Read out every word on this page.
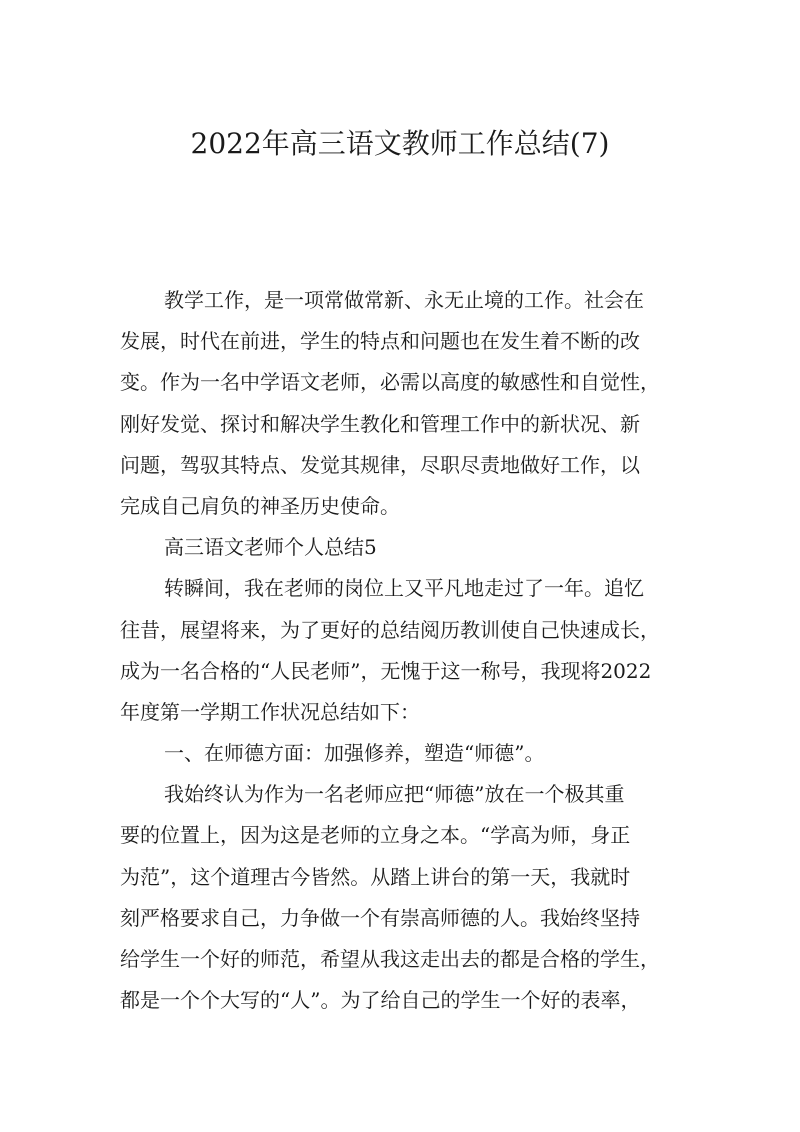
2022年高三语文教师工作总结(7)
教学工作，是一项常做常新、永无止境的工作。社会在
发展，时代在前进，学生的特点和问题也在发生着不断的改
变。作为一名中学语文老师，必需以高度的敏感性和自觉性，
刚好发觉、探讨和解决学生教化和管理工作中的新状况、新
问题，驾驭其特点、发觉其规律，尽职尽责地做好工作，以
完成自己肩负的神圣历史使命。
高三语文老师个人总结5
转瞬间，我在老师的岗位上又平凡地走过了一年。追忆
往昔，展望将来，为了更好的总结阅历教训使自己快速成长，
成为一名合格的“人民老师”，无愧于这一称号，我现将2022
年度第一学期工作状况总结如下：
一、在师德方面：加强修养，塑造“师德”。
我始终认为作为一名老师应把“师德”放在一个极其重
要的位置上，因为这是老师的立身之本。“学高为师，身正
为范”，这个道理古今皆然。从踏上讲台的第一天，我就时
刻严格要求自己，力争做一个有崇高师德的人。我始终坚持
给学生一个好的师范，希望从我这走出去的都是合格的学生，
都是一个个大写的“人”。为了给自己的学生一个好的表率，
